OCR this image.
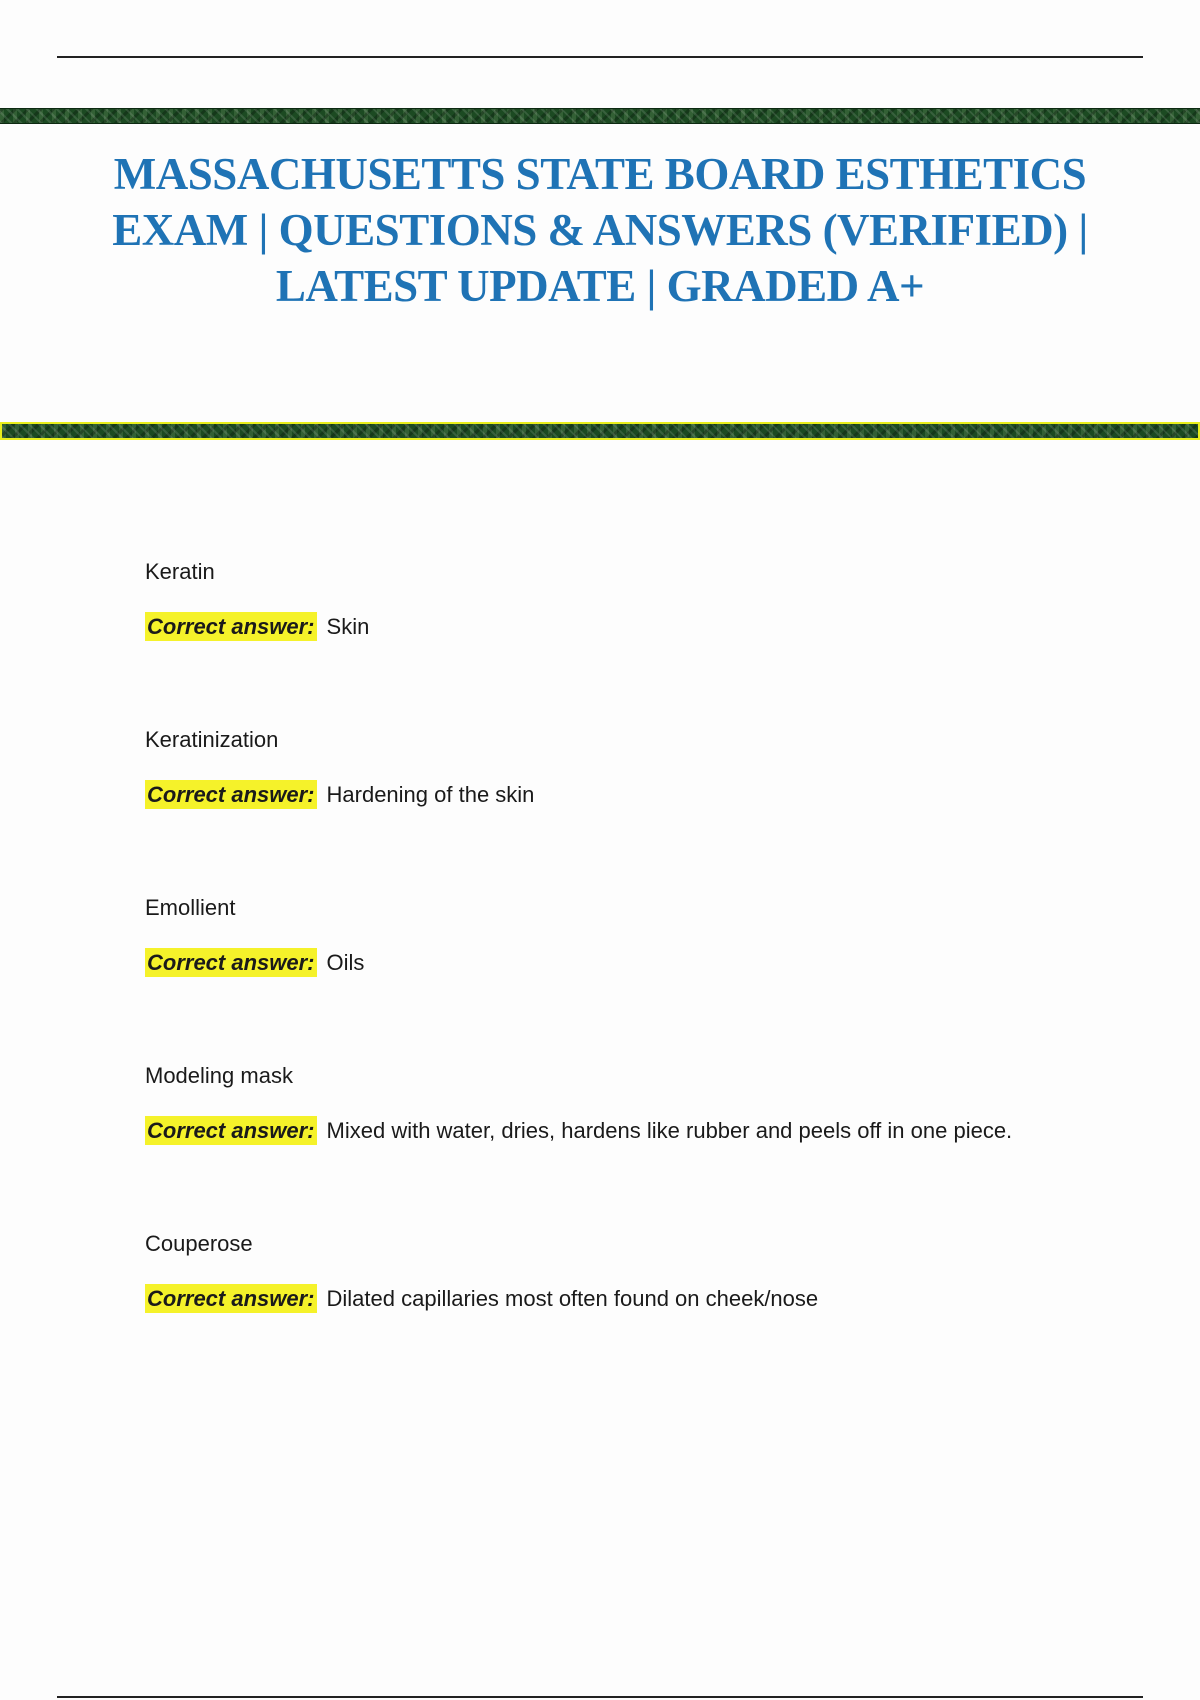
MASSACHUSETTS STATE BOARD ESTHETICS EXAM | QUESTIONS & ANSWERS (VERIFIED) | LATEST UPDATE | GRADED A+
Keratin
Correct answer: Skin
Keratinization
Correct answer: Hardening of the skin
Emollient
Correct answer: Oils
Modeling mask
Correct answer: Mixed with water, dries, hardens like rubber and peels off in one piece.
Couperose
Correct answer: Dilated capillaries most often found on cheek/nose
